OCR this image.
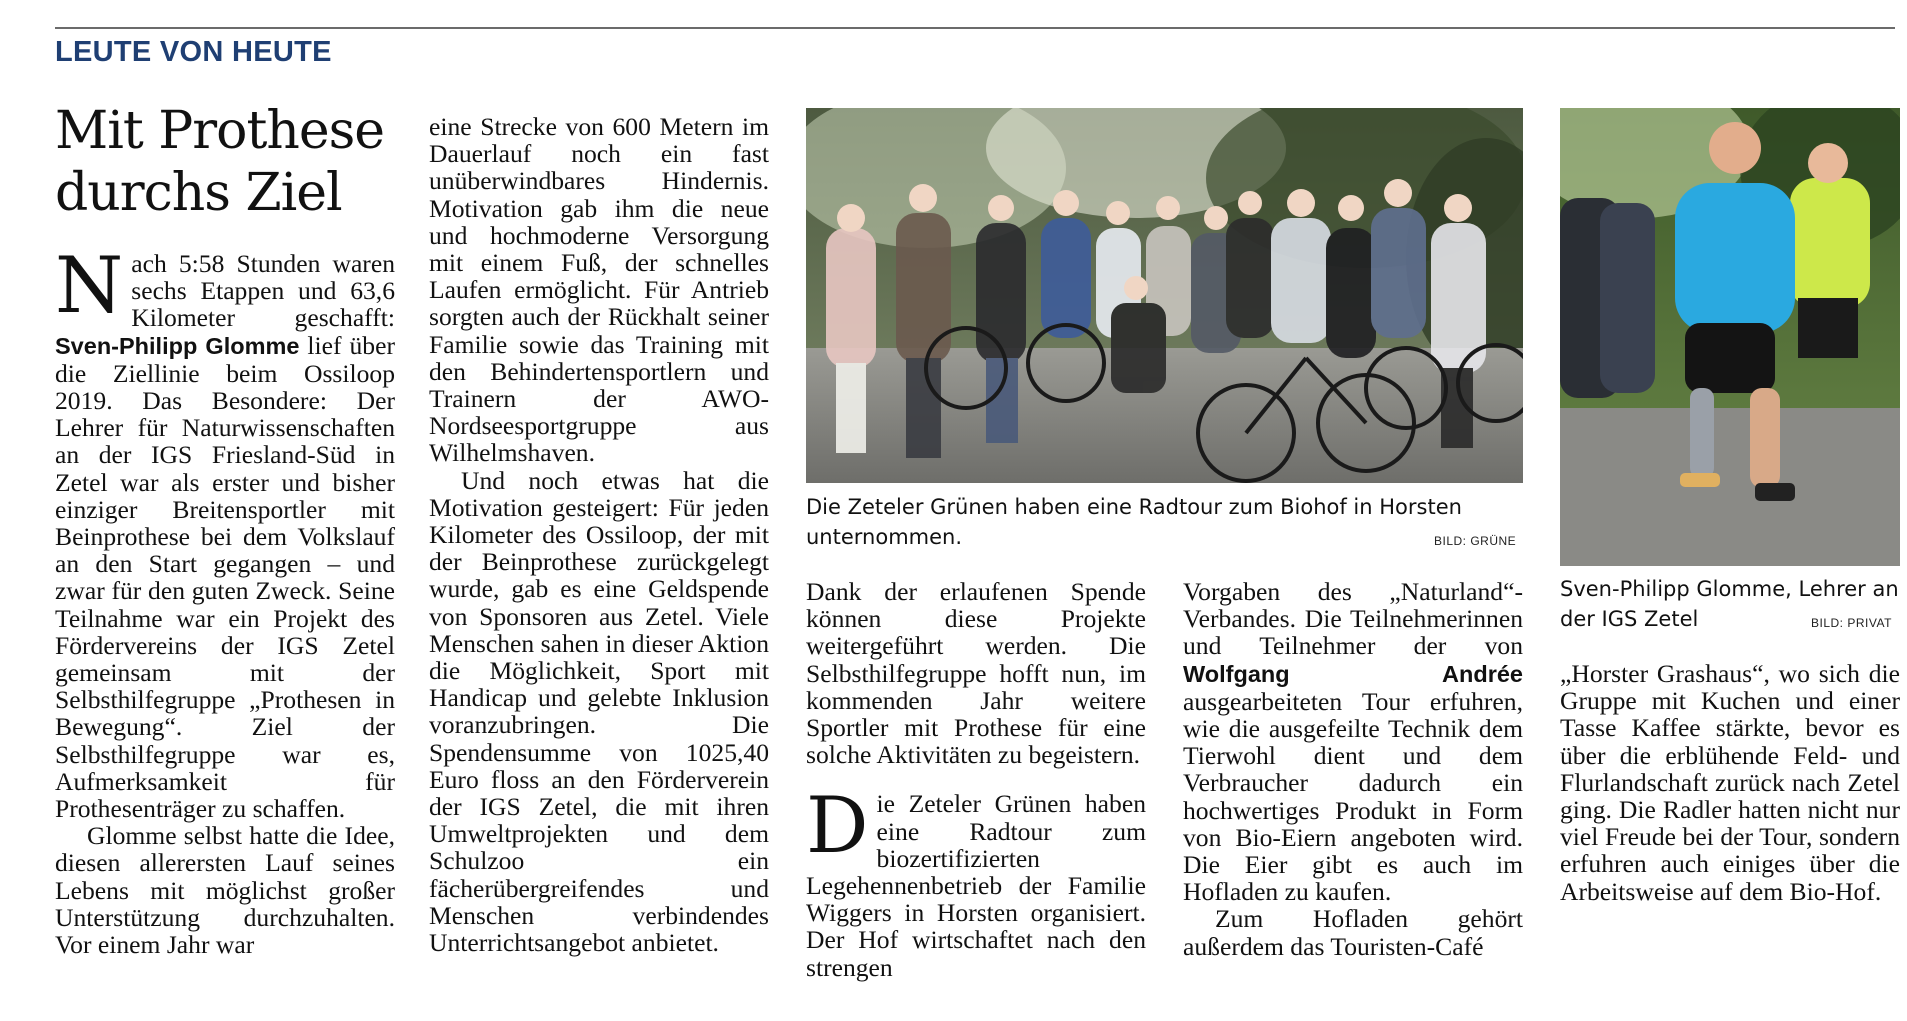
LEUTE VON HEUTE
Mit Prothese
durchs Ziel

Nach 5:58 Stunden waren sechs Etappen und 63,6 Kilometer geschafft: Sven-Philipp Glomme lief über die Ziellinie beim Ossiloop 2019. Das Besondere: Der Lehrer für Naturwissenschaften an der IGS Friesland-Süd in Zetel war als erster und bisher einziger Breitensportler mit Beinprothese bei dem Volkslauf an den Start gegangen – und zwar für den guten Zweck. Seine Teilnahme war ein Projekt des Fördervereins der IGS Zetel gemeinsam mit der Selbsthilfegruppe „Prothesen in Bewegung“. Ziel der Selbsthilfegruppe war es, Aufmerksamkeit für Prothesenträger zu schaffen.

Glomme selbst hatte die Idee, diesen allerersten Lauf seines Lebens mit möglichst großer Unterstützung durchzuhalten. Vor einem Jahr war

eine Strecke von 600 Metern im Dauerlauf noch ein fast unüberwindbares Hindernis. Motivation gab ihm die neue und hochmoderne Versorgung mit einem Fuß, der schnelles Laufen ermöglicht. Für Antrieb sorgten auch der Rückhalt seiner Familie sowie das Training mit den Behindertensportlern und Trainern der AWO-Nordseesportgruppe aus Wilhelmshaven.

Und noch etwas hat die Motivation gesteigert: Für jeden Kilometer des Ossiloop, der mit der Beinprothese zurückgelegt wurde, gab es eine Geldspende von Sponsoren aus Zetel. Viele Menschen sahen in dieser Aktion die Möglichkeit, Sport mit Handicap und gelebte Inklusion voranzubringen. Die Spendensumme von 1025,40 Euro floss an den Förderverein der IGS Zetel, die mit ihren Umweltprojekten und dem Schulzoo ein fächerübergreifendes und Menschen verbindendes Unterrichtsangebot anbietet.

Die Zeteler Grünen haben eine Radtour zum Biohof in Horsten unternommen.	BILD: GRÜNE

Dank der erlaufenen Spende können diese Projekte weitergeführt werden. Die Selbsthilfegruppe hofft nun, im kommenden Jahr weitere Sportler mit Prothese für eine solche Aktivitäten zu begeistern.

Die Zeteler Grünen haben eine Radtour zum biozertifizierten Legehennenbetrieb der Familie Wiggers in Horsten organisiert. Der Hof wirtschaftet nach den strengen

Vorgaben des „Naturland“-Verbandes. Die Teilnehmerinnen und Teilnehmer der von Wolfgang Andrée ausgearbeiteten Tour erfuhren, wie die ausgefeilte Technik dem Tierwohl dient und dem Verbraucher dadurch ein hochwertiges Produkt in Form von Bio-Eiern angeboten wird. Die Eier gibt es auch im Hofladen zu kaufen.

Zum Hofladen gehört außerdem das Touristen-Café

Sven-Philipp Glomme, Lehrer an der IGS Zetel	BILD: PRIVAT

„Horster Grashaus“, wo sich die Gruppe mit Kuchen und einer Tasse Kaffee stärkte, bevor es über die erblühende Feld- und Flurlandschaft zurück nach Zetel ging. Die Radler hatten nicht nur viel Freude bei der Tour, sondern erfuhren auch einiges über die Arbeitsweise auf dem Bio-Hof.
